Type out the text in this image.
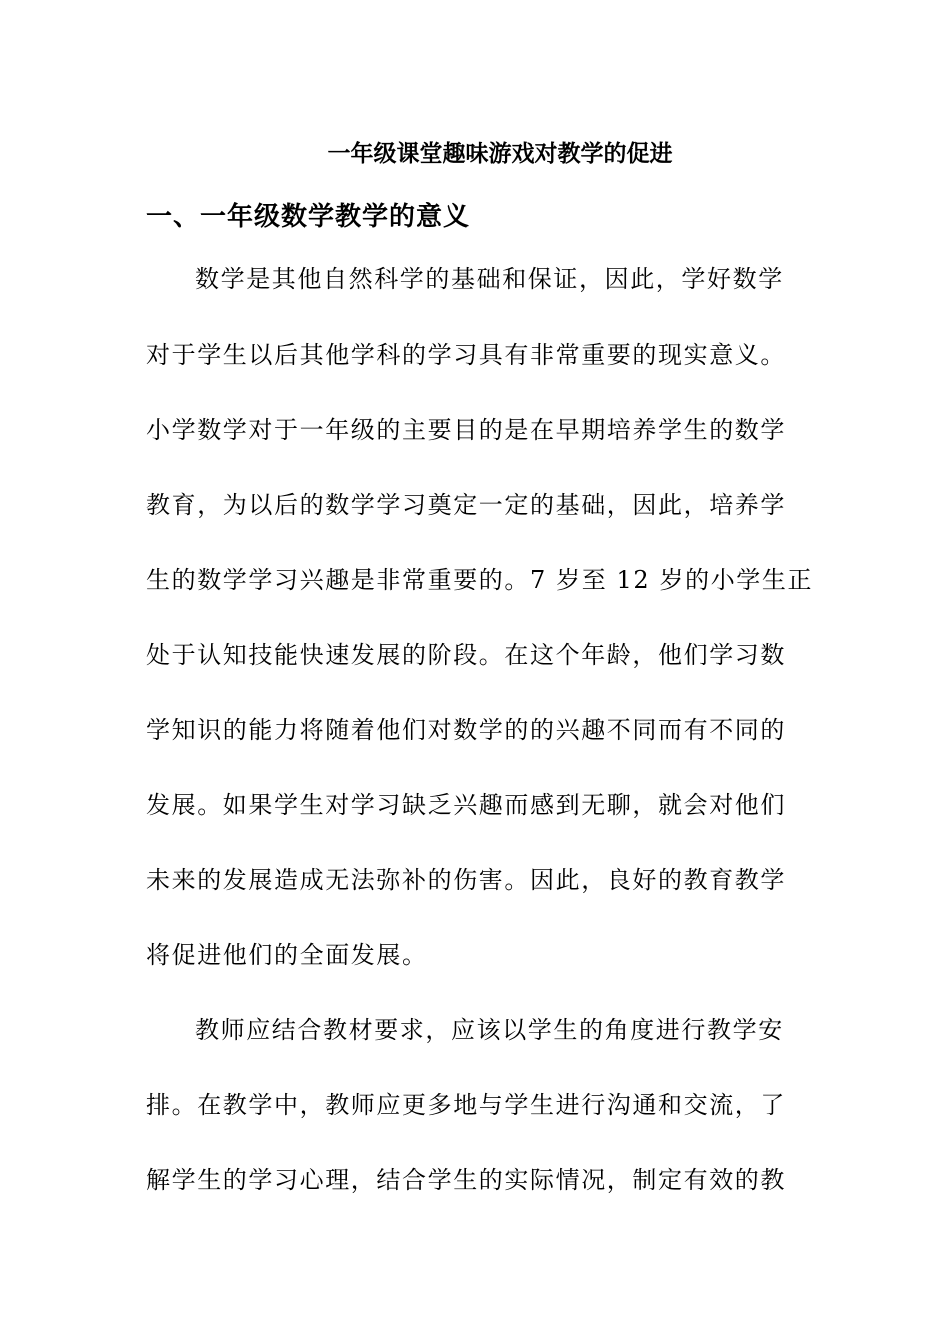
一年级课堂趣味游戏对教学的促进
一、一年级数学教学的意义
数学是其他自然科学的基础和保证，因此，学好数学
对于学生以后其他学科的学习具有非常重要的现实意义。
小学数学对于一年级的主要目的是在早期培养学生的数学
教育，为以后的数学学习奠定一定的基础，因此，培养学
生的数学学习兴趣是非常重要的。7 岁至 12 岁的小学生正
处于认知技能快速发展的阶段。在这个年龄，他们学习数
学知识的能力将随着他们对数学的的兴趣不同而有不同的
发展。如果学生对学习缺乏兴趣而感到无聊，就会对他们
未来的发展造成无法弥补的伤害。因此，良好的教育教学
将促进他们的全面发展。
教师应结合教材要求，应该以学生的角度进行教学安
排。在教学中，教师应更多地与学生进行沟通和交流，了
解学生的学习心理，结合学生的实际情况，制定有效的教
